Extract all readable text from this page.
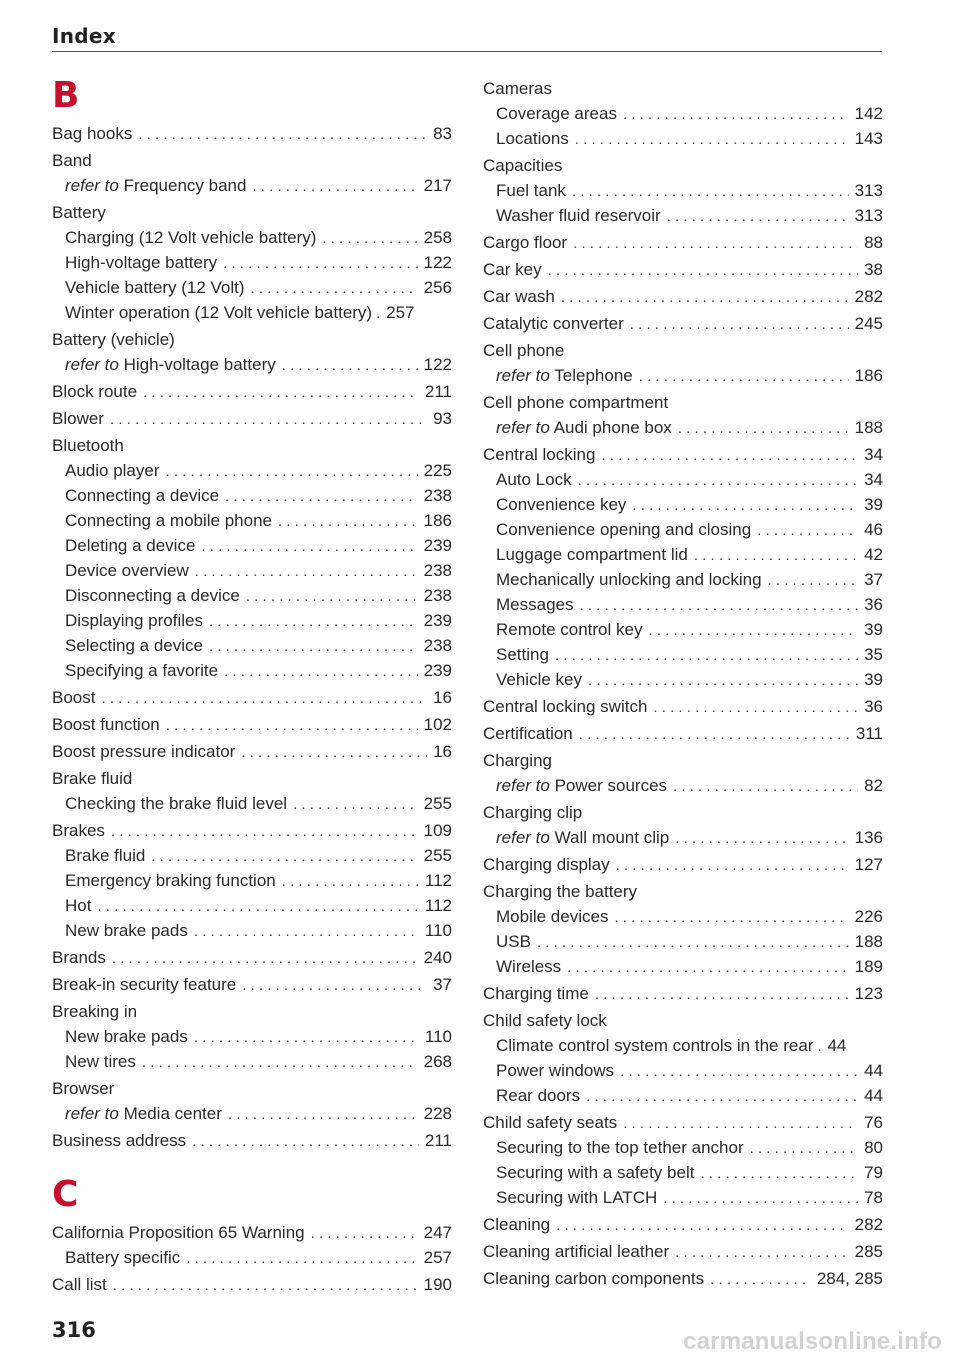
Index
B
Bag hooks . . .	83
Band
refer to Frequency band . . .	217
Battery
Charging (12 Volt vehicle battery) . . .	258
High-voltage battery . . .	122
Vehicle battery (12 Volt) . . .	256
Winter operation (12 Volt vehicle battery) . . . 257
Battery (vehicle)
refer to High-voltage battery . . .	122
Block route . . .	211
Blower . . .	93
Bluetooth
Audio player . . .	225
Connecting a device . . .	238
Connecting a mobile phone . . .	186
Deleting a device . . .	239
Device overview . . .	238
Disconnecting a device . . .	238
Displaying profiles . . .	239
Selecting a device . . .	238
Specifying a favorite . . .	239
Boost . . .	16
Boost function . . .	102
Boost pressure indicator . . .	16
Brake fluid
Checking the brake fluid level . . .	255
Brakes . . .	109
Brake fluid . . .	255
Emergency braking function . . .	112
Hot . . .	112
New brake pads . . .	110
Brands . . .	240
Break-in security feature . . .	37
Breaking in
New brake pads . . .	110
New tires . . .	268
Browser
refer to Media center . . .	228
Business address . . .	211
C
California Proposition 65 Warning . . .	247
Battery specific . . .	257
Call list . . .	190
Cameras
Coverage areas . . .	142
Locations . . .	143
Capacities
Fuel tank . . .	313
Washer fluid reservoir . . .	313
Cargo floor . . .	88
Car key . . .	38
Car wash . . .	282
Catalytic converter . . .	245
Cell phone
refer to Telephone . . .	186
Cell phone compartment
refer to Audi phone box . . .	188
Central locking . . .	34
Auto Lock . . .	34
Convenience key . . .	39
Convenience opening and closing . . .	46
Luggage compartment lid . . .	42
Mechanically unlocking and locking . . .	37
Messages . . .	36
Remote control key . . .	39
Setting . . .	35
Vehicle key . . .	39
Central locking switch . . .	36
Certification . . .	311
Charging
refer to Power sources . . .	82
Charging clip
refer to Wall mount clip . . .	136
Charging display . . .	127
Charging the battery
Mobile devices . . .	226
USB . . .	188
Wireless . . .	189
Charging time . . .	123
Child safety lock
Climate control system controls in the rear . . . 44
Power windows . . .	44
Rear doors . . .	44
Child safety seats . . .	76
Securing to the top tether anchor . . .	80
Securing with a safety belt . . .	79
Securing with LATCH . . .	78
Cleaning . . .	282
Cleaning artificial leather . . .	285
Cleaning carbon components . . .	284, 285
316	carmanualsonline.info
